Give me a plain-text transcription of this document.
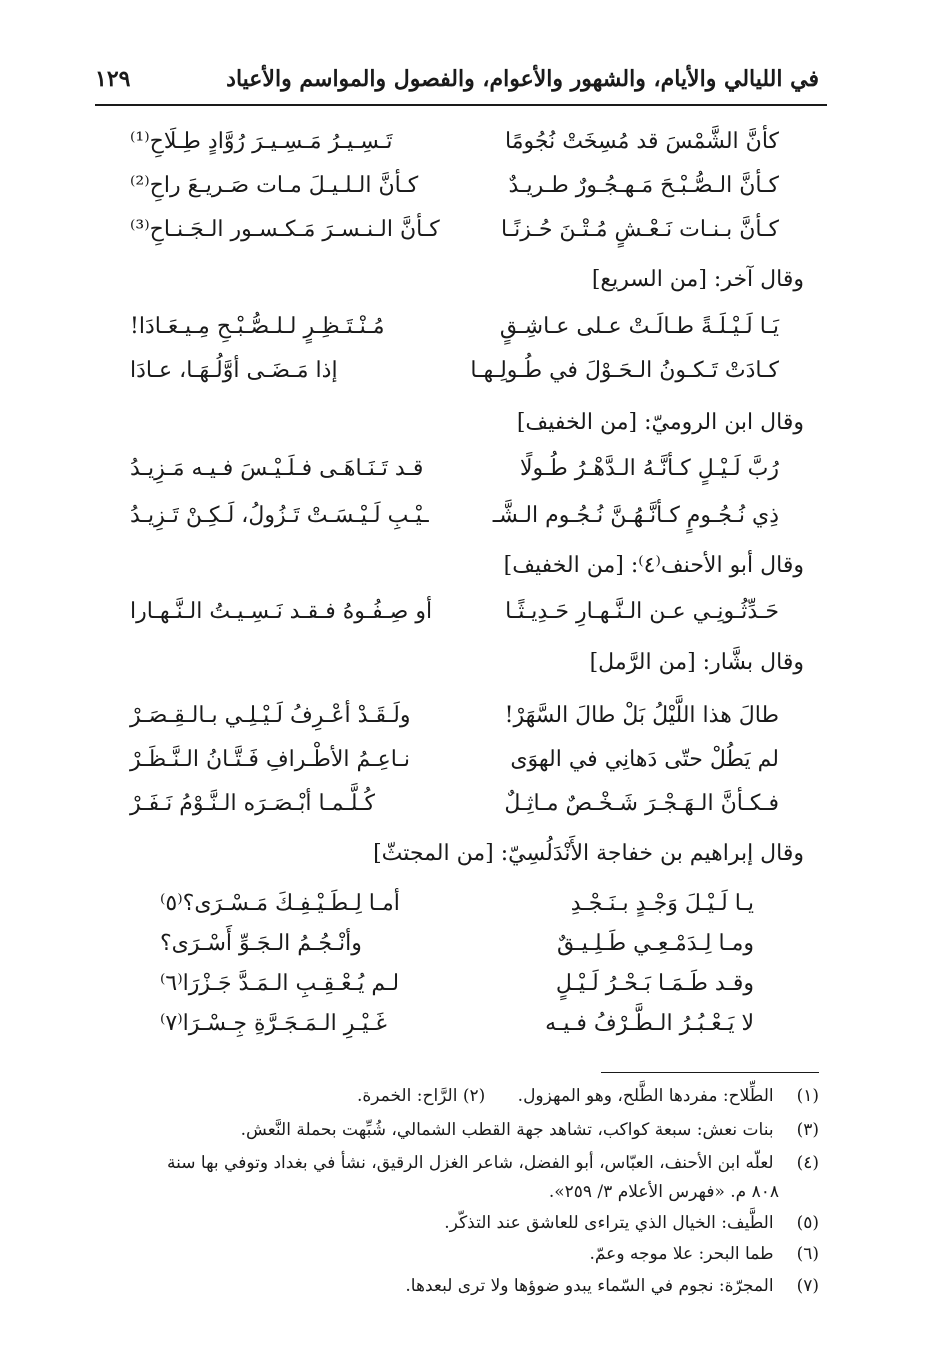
في الليالي والأيام، والشهور والأعوام، والفصول والمواسم والأعياد
١٢٩
كأنَّ الشَّمْسَ قد مُسِخَتْ نُجُومًا
تَـسِـيـرُ مَـسِـيـرَ رُوَّادٍ طِـلَاحِ⁽¹⁾
كـأنَّ الـصُّـبْـحَ مَـهـجُـورٌ طـريـدٌ
كـأنَّ الـلـيـلَ مـات صَـريـعَ راحِ⁽²⁾
كـأنَّ بـنـات نَـعْـشٍ مُـتْـنَ حُـزنًـا
كـأنَّ الـنـسـرَ مَـكـسـور الـجَـنـاحِ⁽³⁾
وقال آخر: [من السريع]
يَـا لَـيْـلَـةً طـالَـتْ عـلى عـاشِـقٍ
مُـنْـتَـظِـرٍ لـلـصُّـبْـحِ مِـيـعَـادَا!
كـادَتْ تَـكـونُ الـحَـوْلَ في طُـولِـهـا
إذا مَـضَـى أوَّلُـهَـا، عـادَا
وقال ابن الروميّ: [من الخفيف]
رُبَّ لَـيْـلٍ كـأنَّـهُ الـدَّهْـرُ طُـولًا
قـد تَـنَـاهَـى فـلَـيْـسَ فـيـه مَـزِيـدُ
ذِي نُـجُـومٍ كـأنَّـهُـنَّ نُـجُـوم الـشَّـ
ـيْـبِ لَـيْـسَـتْ تَـزُولُ، لَـكِـنْ تَـزِيـدُ
وقال أبو الأحنف⁽٤⁾: [من الخفيف]
حَـدِّثُـونِـي عـن الـنَّـهـارِ حَـدِيـثًـا
أو صِـفُـوهُ فـقـد نَـسِـيـتُ الـنَّـهـارا
وقال بشَّار: [من الرَّمل]
طالَ هذا اللَّيْلُ بَلْ طالَ السَّهَرْ!
ولَـقَـدْ أعْـرِفُ لَـيْـلِـي بـالـقِـصَـرْ
لم يَطُلْ حتّى دَهانِي في الهوَى
نـاعِـمُ الأطْـرافِ فَـتَّـانُ الـنَّـظَـرْ
فـكـأنَّ الـهَـجْـرَ شَـخْـصٌ مـاثِـلٌ
كُـلَّـمـا أبْـصَـرَه الـنَّـوْمُ نَـفَـرْ
وقال إبراهيم بن خفاجة الأَنْدَلُسِيّ: [من المجتثّ]
يـا لَـيْـلَ وَجْـدٍ بـنَـجْـدِ
أمـا لِـطَـيْـفِـكَ مَـسْـرَى؟⁽٥⁾
ومـا لِـدَمْـعِـي طَـلِـيـقٌ
وأنْـجُـمُ الـجَـوِّ أَسْـرَى؟
وقـد طَـمَـا بَـحْـرُ لَـيْـلٍ
لـم يُـعْـقِـبِ الـمَـدَّ جَـزْرَا⁽٦⁾
لا يَـعْـبُـرُ الـطَّـرْفُ فـيـه
غَـيْـرِ الـمَـجَـرَّةِ جِـسْـرَا⁽٧⁾
(١) الطِّلاح: مفردها الطَّلح، وهو المهزول.      (٢) الرَّاح: الخمرة.
(٣) بنات نعش: سبعة كواكب، تشاهد جهة القطب الشمالي، شُبِّهت بحملة النَّعش.
(٤) لعلّه ابن الأحنف، العبّاس، أبو الفضل، شاعر الغزل الرقيق، نشأ في بغداد وتوفي بها سنة
٨٠٨ م. «فهرس الأعلام ٣/ ٢٥٩».
(٥) الطَّيف: الخيال الذي يتراءى للعاشق عند التذكّر.
(٦) طما البحر: علا موجه وعمّ.
(٧) المجرّة: نجوم في السّماء يبدو ضوؤها ولا ترى لبعدها.
